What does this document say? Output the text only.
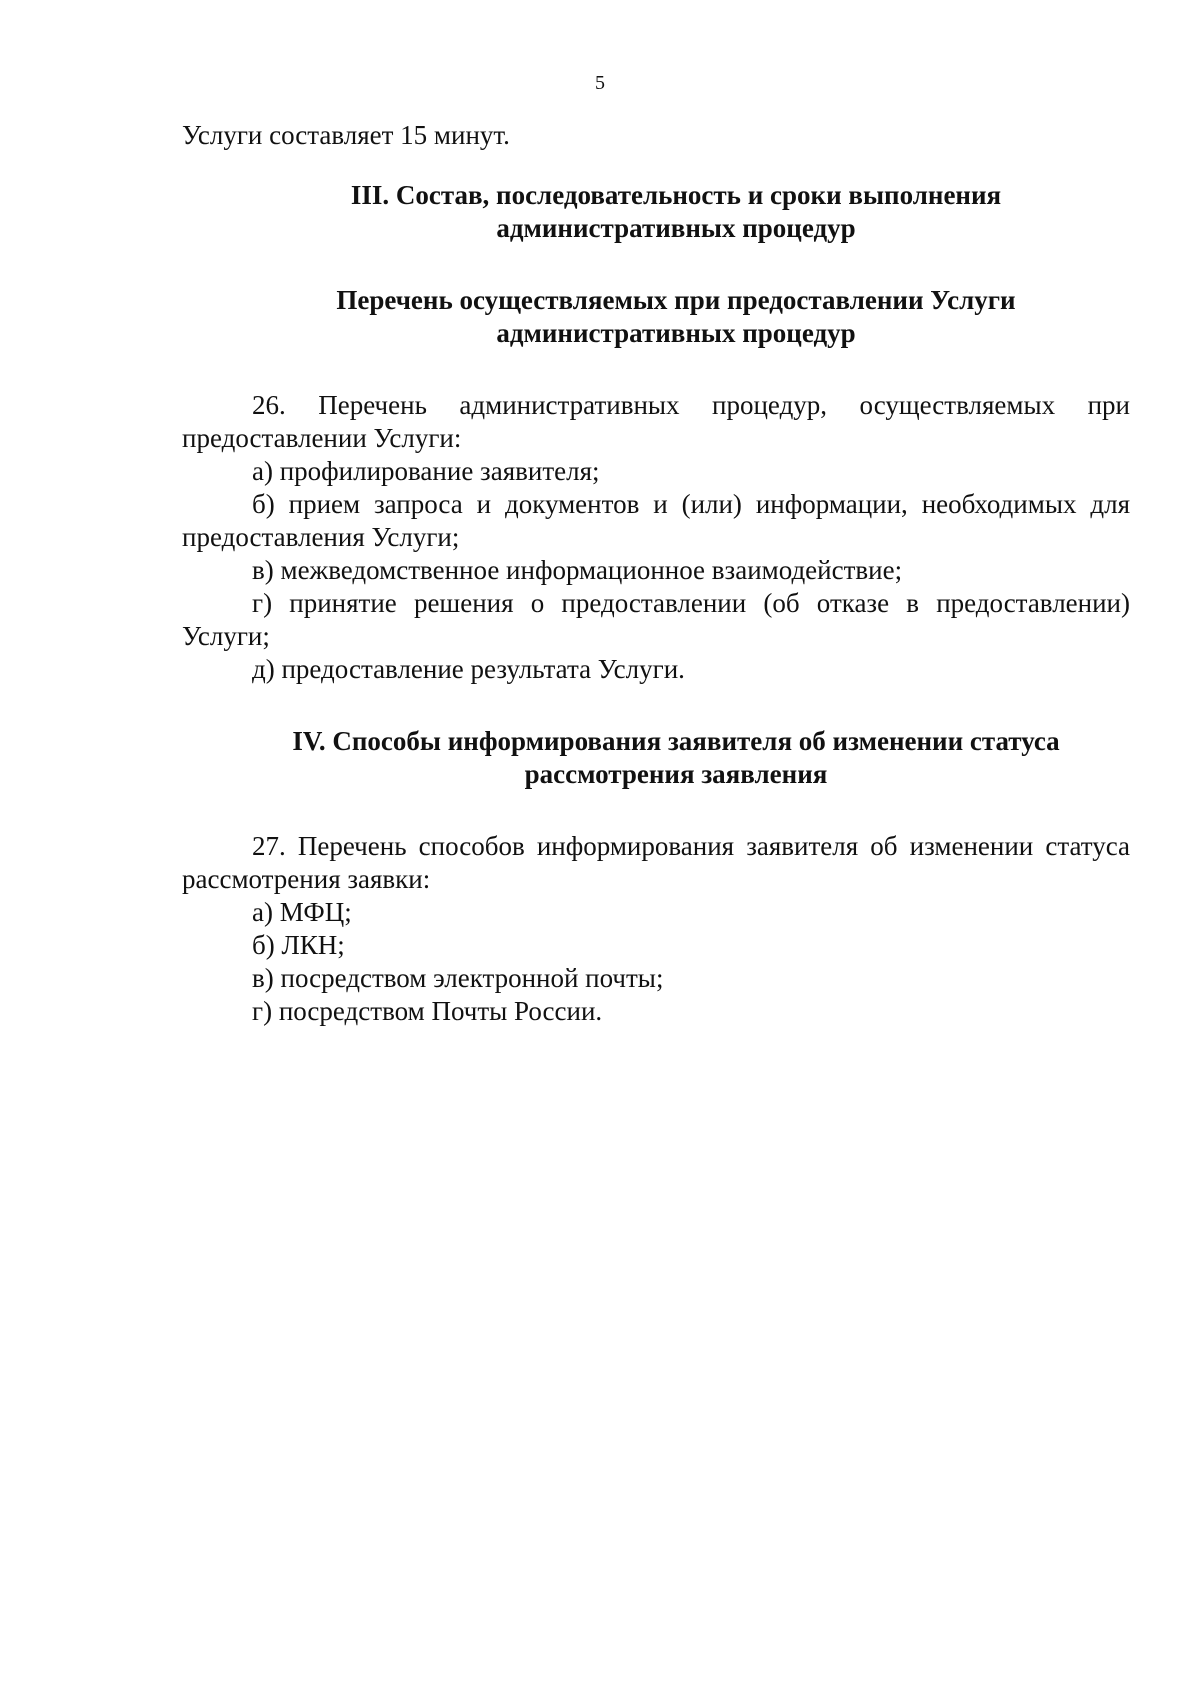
5

Услуги составляет 15 минут.

III. Состав, последовательность и сроки выполнения
административных процедур

Перечень осуществляемых при предоставлении Услуги
административных процедур

26. Перечень административных процедур, осуществляемых при предоставлении Услуги:

а) профилирование заявителя;

б) прием запроса и документов и (или) информации, необходимых для предоставления Услуги;

в) межведомственное информационное взаимодействие;

г) принятие решения о предоставлении (об отказе в предоставлении) Услуги;

д) предоставление результата Услуги.

IV. Способы информирования заявителя об изменении статуса
рассмотрения заявления

27. Перечень способов информирования заявителя об изменении статуса рассмотрения заявки:

а) МФЦ;

б) ЛКН;

в) посредством электронной почты;

г) посредством Почты России.
